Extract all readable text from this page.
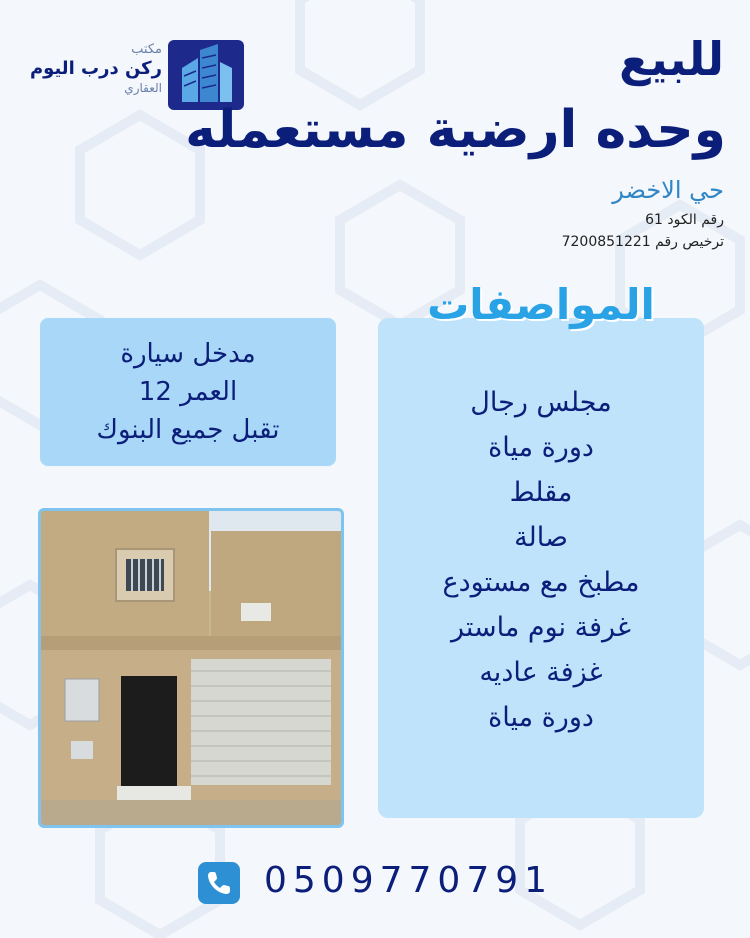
مكتب
ركن درب اليوم
العقاري
للبيع
وحده ارضية مستعمله
حي الاخضر
رقم الكود 61
ترخيص رقم 7200851221
المواصفات
مجلس رجال
دورة مياة
مقلط
صالة
مطبخ مع مستودع
غرفة نوم ماستر
غزفة عاديه
دورة مياة
مدخل سيارة
العمر 12
تقبل جميع البنوك
0509770791
